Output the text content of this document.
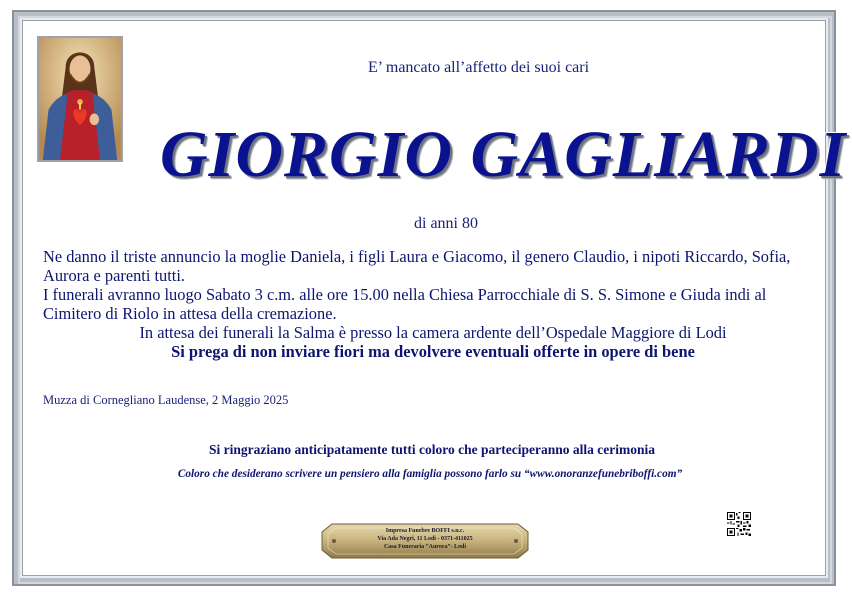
E’ mancato all’affetto dei suoi cari
GIORGIO GAGLIARDI
di anni 80

Ne danno il triste annuncio la moglie Daniela, i figli Laura e Giacomo, il genero Claudio, i nipoti Riccardo, Sofia, Aurora e parenti tutti.

I funerali avranno luogo Sabato 3 c.m. alle ore 15.00 nella Chiesa Parrocchiale di S. S. Simone e Giuda indi al Cimitero di Riolo in attesa della cremazione.

In attesa dei funerali la Salma è presso la camera ardente dell’Ospedale Maggiore di Lodi

Si prega di non inviare fiori ma devolvere eventuali offerte in opere di bene

Muzza di Cornegliano Laudense, 2 Maggio 2025
Si ringraziano anticipatamente tutti coloro che parteciperanno alla cerimonia
Coloro che desiderano scrivere un pensiero alla famiglia possono farlo su “www.onoranzefunebriboffi.com”
Impresa Funebre BOFFI s.n.c.
Via Ada Negri, 11 Lodi - 0371-411025
Casa Funeraria “Aurora”- Lodi
